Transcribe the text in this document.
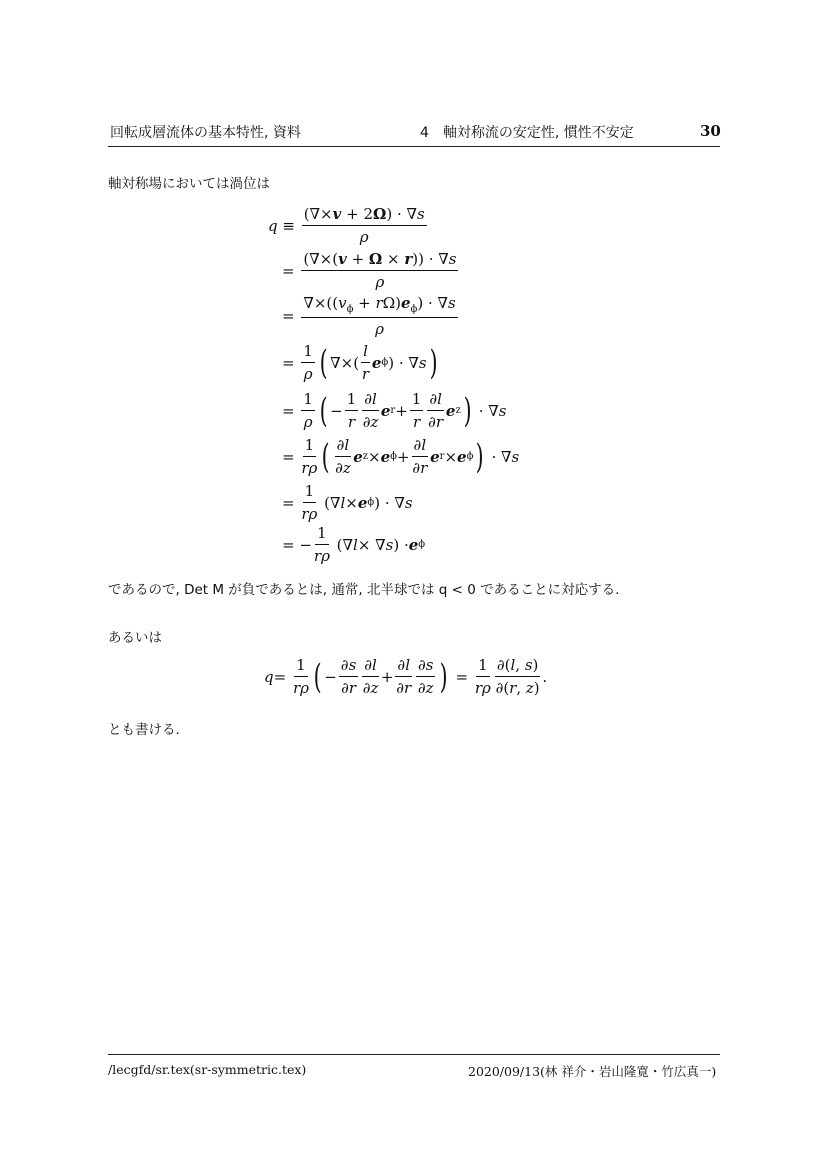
回転成層流体の基本特性, 資料	4　軸対称流の安定性, 慣性不安定	30
軸対称場においては渦位は
$q \equiv \frac{(\nabla\times v + 2\Omega) \cdot \nabla s}{\rho}$
= $\frac{(\nabla\times(v + \Omega \times r)) \cdot \nabla s}{\rho}$
= $\frac{\nabla\times((v_\phi + r\Omega)e_\phi) \cdot \nabla s}{\rho}$
= $\frac{1}{\rho}$ ( ∇×( $\frac{l}{r}$ e ϕ ) · ∇ s )
= $\frac{1}{\rho}$ ( − $\frac{1}{r} \frac{\partial l}{\partial z}$ e $r + \frac{1}{r} \frac{\partial l}{\partial r}$ e z ) · ∇ s
= $\frac{1}{r\rho}$ ( $\frac{\partial l}{\partial z}$ e z × e $\phi + \frac{\partial l}{\partial r}$ e r × e ϕ ) · ∇ s
= $\frac{1}{r\rho}$ (∇ l × e ϕ ) · ∇ s
= − $\frac{1}{r\rho}$ (∇ l × ∇ s ) · e ϕ
であるので, Det M が負であるとは, 通常, 北半球では q < 0 であることに対応する.
あるいは
$q = \frac{1}{r\rho}$ ( − $\frac{\partial s}{\partial r} \frac{\partial l}{\partial z} + \frac{\partial l}{\partial r} \frac{\partial s}{\partial z}$ ) = $\frac{1}{r\rho} \frac{\partial(l, s)}{\partial(r, z)}$ .
とも書ける.
/lecgfd/sr.tex(sr-symmetric.tex)	2020/09/13(林 祥介・岩山隆寛・竹広真一)
